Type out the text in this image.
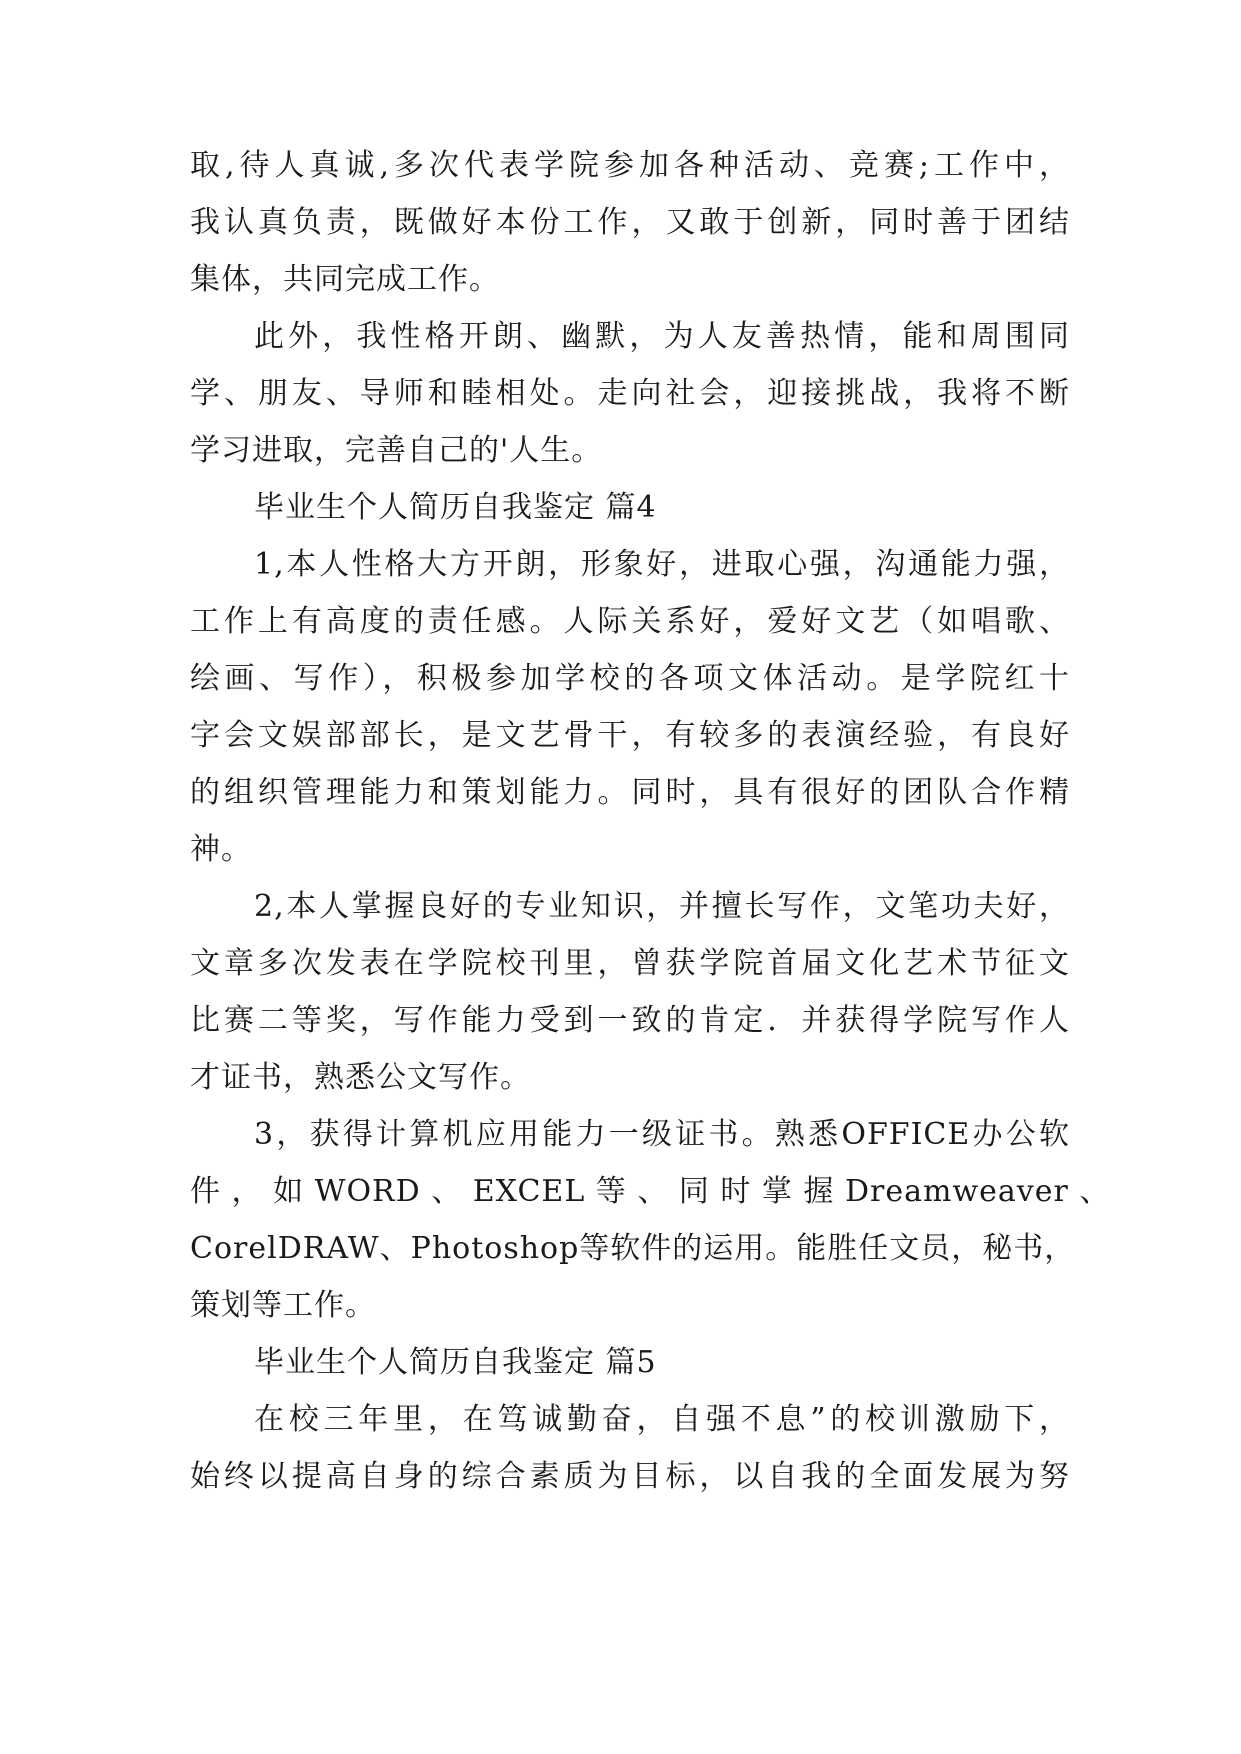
取,待人真诚,多次代表学院参加各种活动、竞赛;工作中，
我认真负责，既做好本份工作，又敢于创新，同时善于团结
集体，共同完成工作。
此外，我性格开朗、幽默，为人友善热情，能和周围同
学、朋友、导师和睦相处。走向社会，迎接挑战，我将不断
学习进取，完善自己的'人生。
毕业生个人简历自我鉴定 篇4
1,本人性格大方开朗，形象好，进取心强，沟通能力强，
工作上有高度的责任感。人际关系好，爱好文艺（如唱歌、
绘画、写作），积极参加学校的各项文体活动。是学院红十
字会文娱部部长，是文艺骨干，有较多的表演经验，有良好
的组织管理能力和策划能力。同时，具有很好的团队合作精
神。
2,本人掌握良好的专业知识，并擅长写作，文笔功夫好，
文章多次发表在学院校刊里，曾获学院首届文化艺术节征文
比赛二等奖，写作能力受到一致的肯定．并获得学院写作人
才证书，熟悉公文写作。
3，获得计算机应用能力一级证书。熟悉OFFICE办公软
件 ， 如 WORD 、 EXCEL 等 、 同 时 掌 握 Dreamweaver 、
CorelDRAW、Photoshop等软件的运用。能胜任文员，秘书，
策划等工作。
毕业生个人简历自我鉴定 篇5
在校三年里，在笃诚勤奋，自强不息”的校训激励下，
始终以提高自身的综合素质为目标，以自我的全面发展为努
